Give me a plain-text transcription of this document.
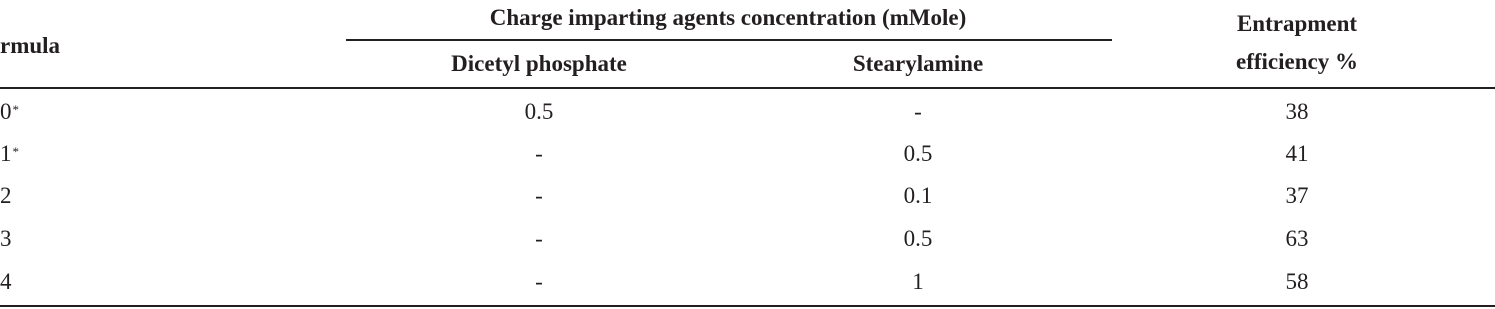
rmula
Charge imparting agents concentration (mMole)
Dicetyl phosphate	Stearylamine
Entrapment
efficiency %
0*	0.5	-	38
1*	-	0.5	41
2	-	0.1	37
3	-	0.5	63
4	-	1	58
